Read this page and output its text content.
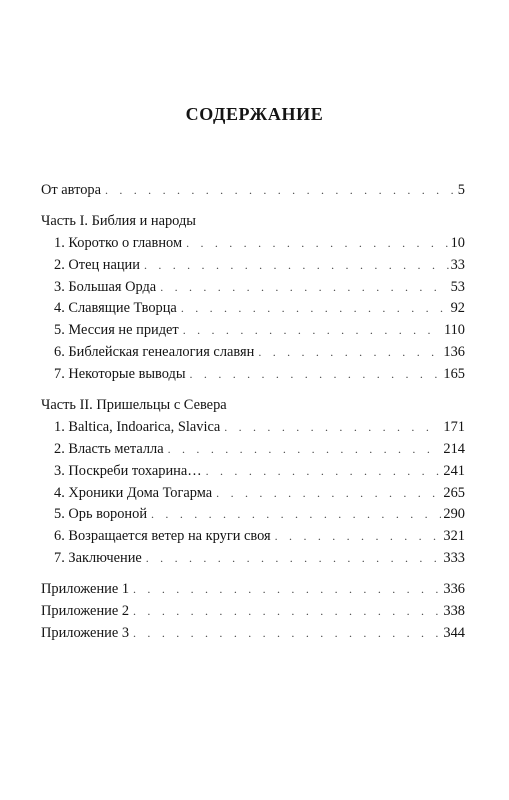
СОДЕРЖАНИЕ
От автора . . .	5
Часть I. Библия и народы
1. Коротко о главном . . .	10
2. Отец нации . . .	33
3. Большая Орда . . .	53
4. Славящие Творца . . .	92
5. Мессия не придет . . .	110
6. Библейская генеалогия славян . . .	136
7. Некоторые выводы . . .	165
Часть II. Пришельцы с Севера
1. Baltica, Indoarica, Slavica . . .	171
2. Власть металла . . .	214
3. Поскреби тохарина… . . .	241
4. Хроники Дома Тогарма . . .	265
5. Орь вороной . . .	290
6. Возращается ветер на круги своя . . .	321
7. Заключение . . .	333
Приложение 1 . . .	336
Приложение 2 . . .	338
Приложение 3 . . .	344
